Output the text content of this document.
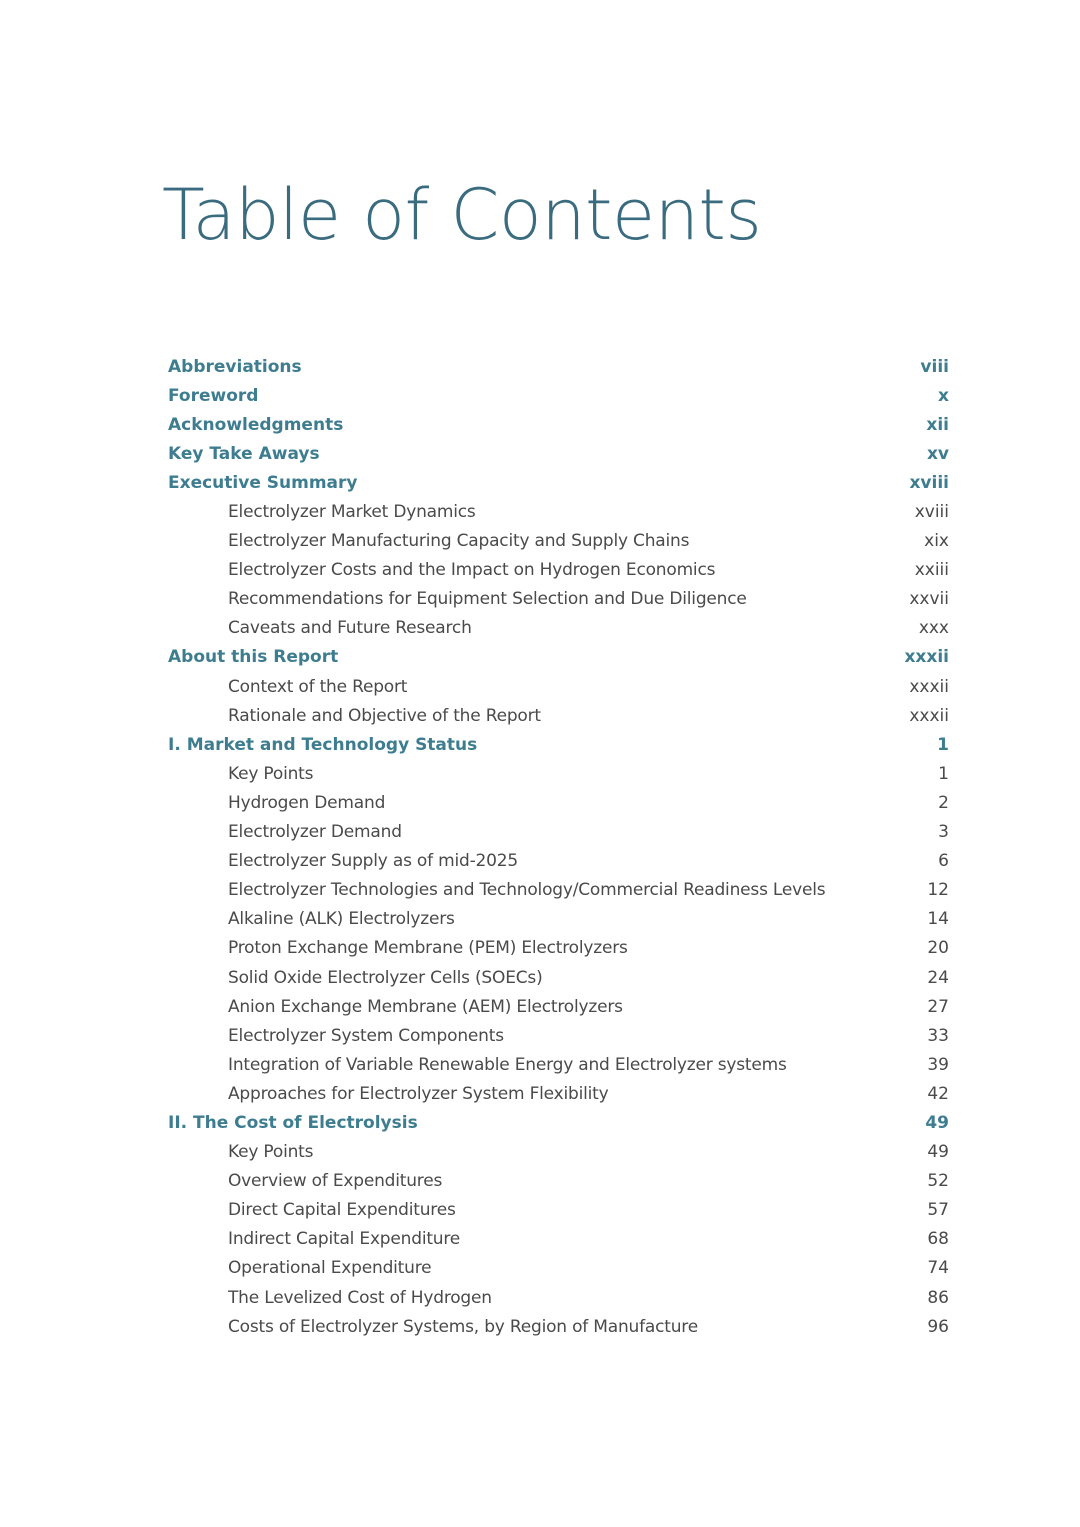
Table of Contents
Abbreviations	viii
Foreword	x
Acknowledgments	xii
Key Take Aways	xv
Executive Summary	xviii
Electrolyzer Market Dynamics	xviii
Electrolyzer Manufacturing Capacity and Supply Chains	xix
Electrolyzer Costs and the Impact on Hydrogen Economics	xxiii
Recommendations for Equipment Selection and Due Diligence	xxvii
Caveats and Future Research	xxx
About this Report	xxxii
Context of the Report	xxxii
Rationale and Objective of the Report	xxxii
I. Market and Technology Status	1
Key Points	1
Hydrogen Demand	2
Electrolyzer Demand	3
Electrolyzer Supply as of mid-2025	6
Electrolyzer Technologies and Technology/Commercial Readiness Levels	12
Alkaline (ALK) Electrolyzers	14
Proton Exchange Membrane (PEM) Electrolyzers	20
Solid Oxide Electrolyzer Cells (SOECs)	24
Anion Exchange Membrane (AEM) Electrolyzers	27
Electrolyzer System Components	33
Integration of Variable Renewable Energy and Electrolyzer systems	39
Approaches for Electrolyzer System Flexibility	42
II. The Cost of Electrolysis	49
Key Points	49
Overview of Expenditures	52
Direct Capital Expenditures	57
Indirect Capital Expenditure	68
Operational Expenditure	74
The Levelized Cost of Hydrogen	86
Costs of Electrolyzer Systems, by Region of Manufacture	96
